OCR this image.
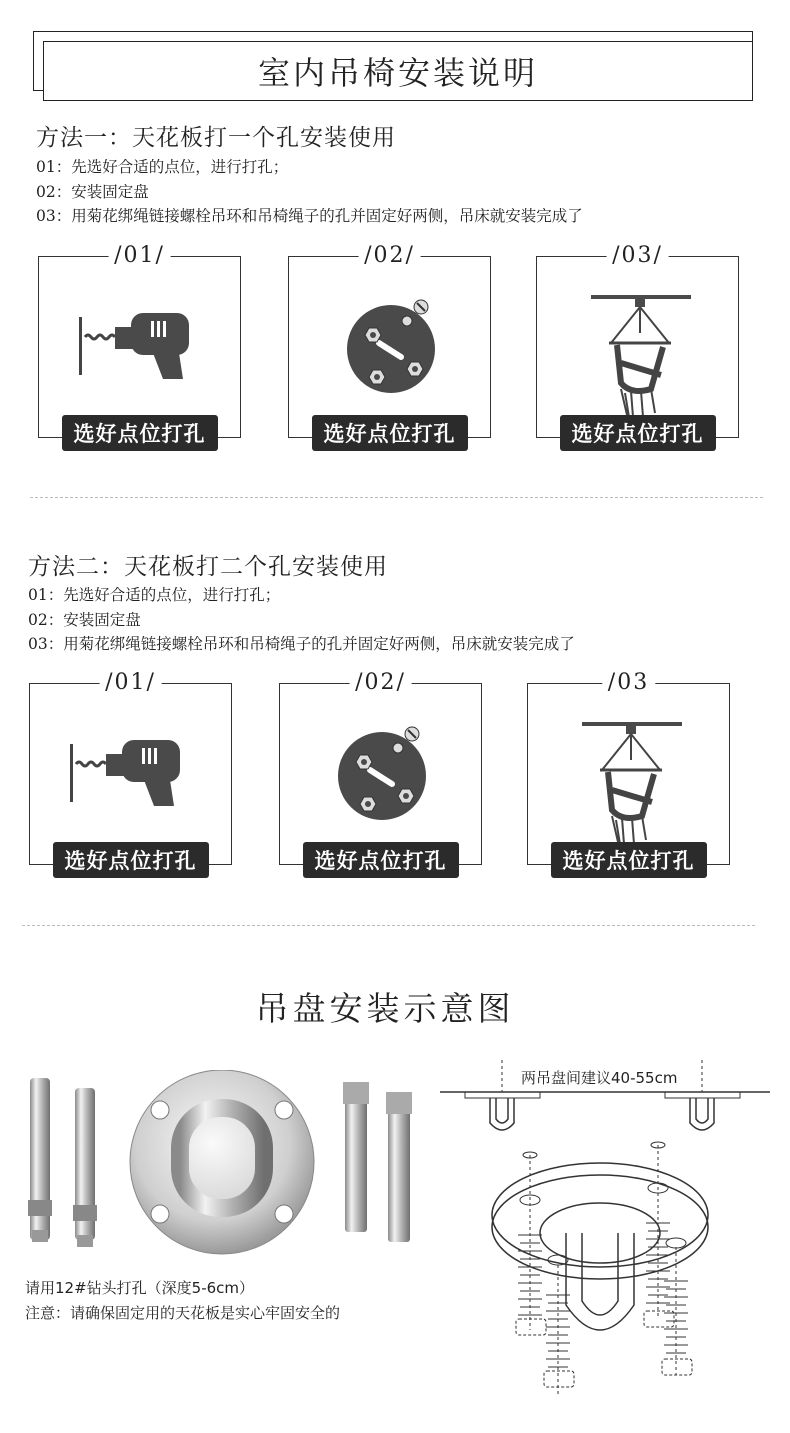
室内吊椅安装说明
方法一：天花板打一个孔安装使用
01：先选好合适的点位，进行打孔；
02：安装固定盘
03：用菊花绑绳链接螺栓吊环和吊椅绳子的孔并固定好两侧，吊床就安装完成了
/01/
选好点位打孔
/02/
选好点位打孔
/03/
选好点位打孔
方法二：天花板打二个孔安装使用
01：先选好合适的点位，进行打孔；
02：安装固定盘
03：用菊花绑绳链接螺栓吊环和吊椅绳子的孔并固定好两侧，吊床就安装完成了
/01/
选好点位打孔
/02/
选好点位打孔
/03
选好点位打孔
吊盘安装示意图
请用12#钻头打孔（深度5-6cm）
注意：请确保固定用的天花板是实心牢固安全的
两吊盘间建议40-55cm
